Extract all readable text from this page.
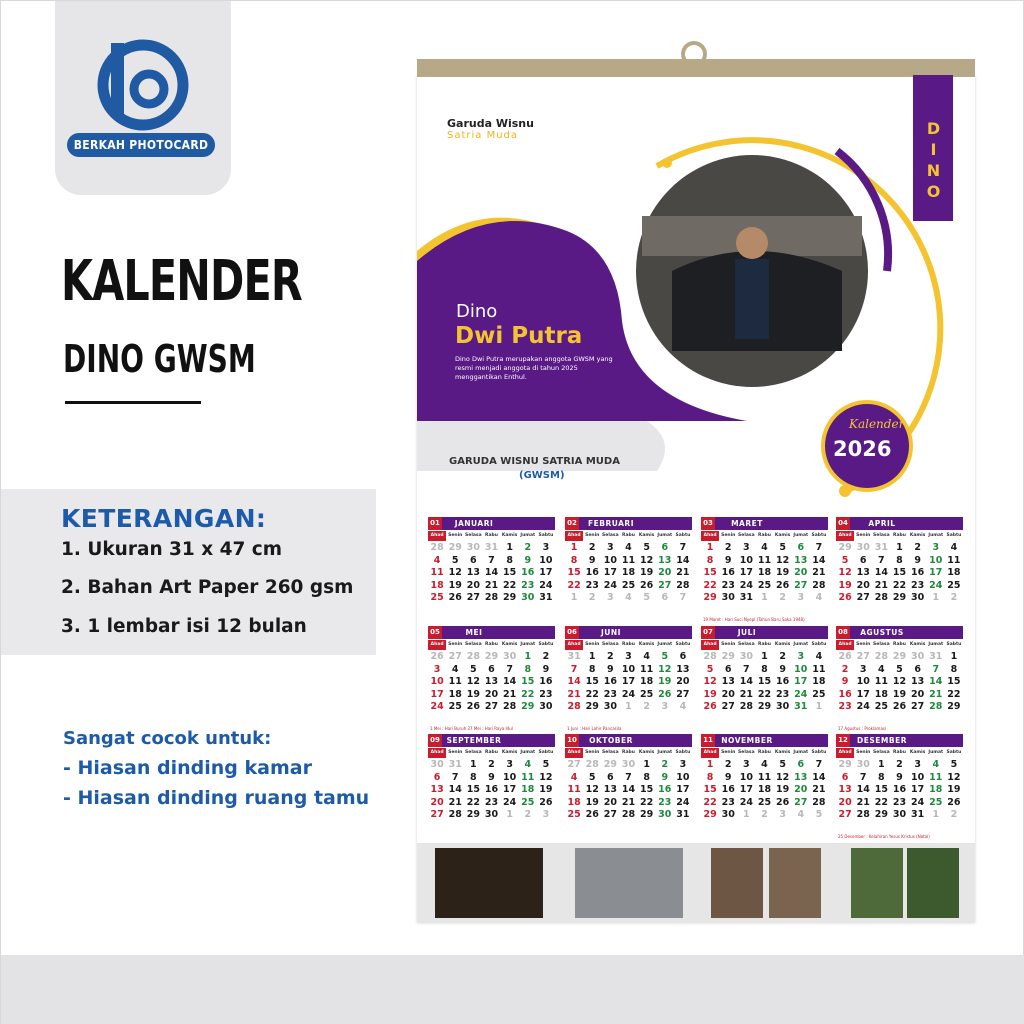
BERKAH PHOTOCARD
KALENDER
DINO GWSM
KETERANGAN:
1. Ukuran 31 x 47 cm
2. Bahan Art Paper 260 gsm
3. 1 lembar isi 12 bulan
Sangat cocok untuk:
- Hiasan dinding kamar
- Hiasan dinding ruang tamu
Garuda Wisnu
Satria Muda	DINO
Dino
Dwi Putra
Dino Dwi Putra merupakan anggota GWSM yang resmi menjadi anggota di tahun 2025 menggantikan Enthul.
GARUDA WISNU SATRIA MUDA
(GWSM)
Kalender
2026
01	JANUARI
Ahad	Senin Selasa Rabu Kamis Jumat Sabtu
28 29 30 31 1	2	3
4	5	6	7	8	9 10
11 12 13 14 15 16 17
18 19 20 21 22 23 24
25 26 27 28 29 30 31
02	FEBRUARI
Ahad	Senin Selasa Rabu Kamis Jumat Sabtu
1	2	3	4	5	6	7
8	9 10 11 12 13 14
15 16 17 18 19 20 21
22 23 24 25 26 27 28
1	2	3	4	5	6	7
03	MARET
Ahad	Senin Selasa Rabu Kamis Jumat Sabtu
1	2	3	4	5	6	7
8	9 10 11 12 13 14
15 16 17 18 19 20 21
22 23 24 25 26 27 28
29 30 31 1	2	3	4
19 Maret : Hari Suci Nyepi (Tahun Baru Saka 1948)
04	APRIL
Ahad	Senin Selasa Rabu Kamis Jumat Sabtu
29 30 31 1	2	3	4
5	6	7	8	9 10 11
12 13 14 15 16 17 18
19 20 21 22 23 24 25
26 27 28 29 30 1	2
05	MEI
Ahad	Senin Selasa Rabu Kamis Jumat Sabtu
26 27 28 29 30 1	2
3	4	5	6	7	8	9
10 11 12 13 14 15 16
17 18 19 20 21 22 23
24 25 26 27 28 29 30
1 Mei : Hari Buruh 27 Mei : Hari Raya Idul
06	JUNI
Ahad	Senin Selasa Rabu Kamis Jumat Sabtu
31 1	2	3	4	5	6
7	8	9 10 11 12 13
14 15 16 17 18 19 20
21 22 23 24 25 26 27
28 29 30 1	2	3	4
1 Juni : Hari Lahir Pancasila
07	JULI
Ahad	Senin Selasa Rabu Kamis Jumat Sabtu
28 29 30 1	2	3	4
5	6	7	8	9 10 11
12 13 14 15 16 17 18
19 20 21 22 23 24 25
26 27 28 29 30 31 1
08	AGUSTUS
Ahad	Senin Selasa Rabu Kamis Jumat Sabtu
26 27 28 29 30 31 1
2	3	4	5	6	7	8
9 10 11 12 13 14 15
16 17 18 19 20 21 22
23 24 25 26 27 28 29
17 Agustus : Proklamasi
09 SEPTEMBER
Ahad	Senin Selasa Rabu Kamis Jumat Sabtu
30 31 1	2	3	4	5
6	7	8	9 10 11 12
13 14 15 16 17 18 19
20 21 22 23 24 25 26
27 28 29 30 1	2	3
10	OKTOBER
Ahad	Senin Selasa Rabu Kamis Jumat Sabtu
27 28 29 30 1	2	3
4	5	6	7	8	9 10
11 12 13 14 15 16 17
18 19 20 21 22 23 24
25 26 27 28 29 30 31
11	NOVEMBER
Ahad	Senin Selasa Rabu Kamis Jumat Sabtu
1	2	3	4	5	6	7
8	9 10 11 12 13 14
15 16 17 18 19 20 21
22 23 24 25 26 27 28
29 30 1	2	3	4	5
12	DESEMBER
Ahad	Senin Selasa Rabu Kamis Jumat Sabtu
29 30 1	2	3	4	5
6	7	8	9 10 11 12
13 14 15 16 17 18 19
20 21 22 23 24 25 26
27 28 29 30 31 1	2
25 Desember : Kelahiran Yesus Kristus (Natal)
